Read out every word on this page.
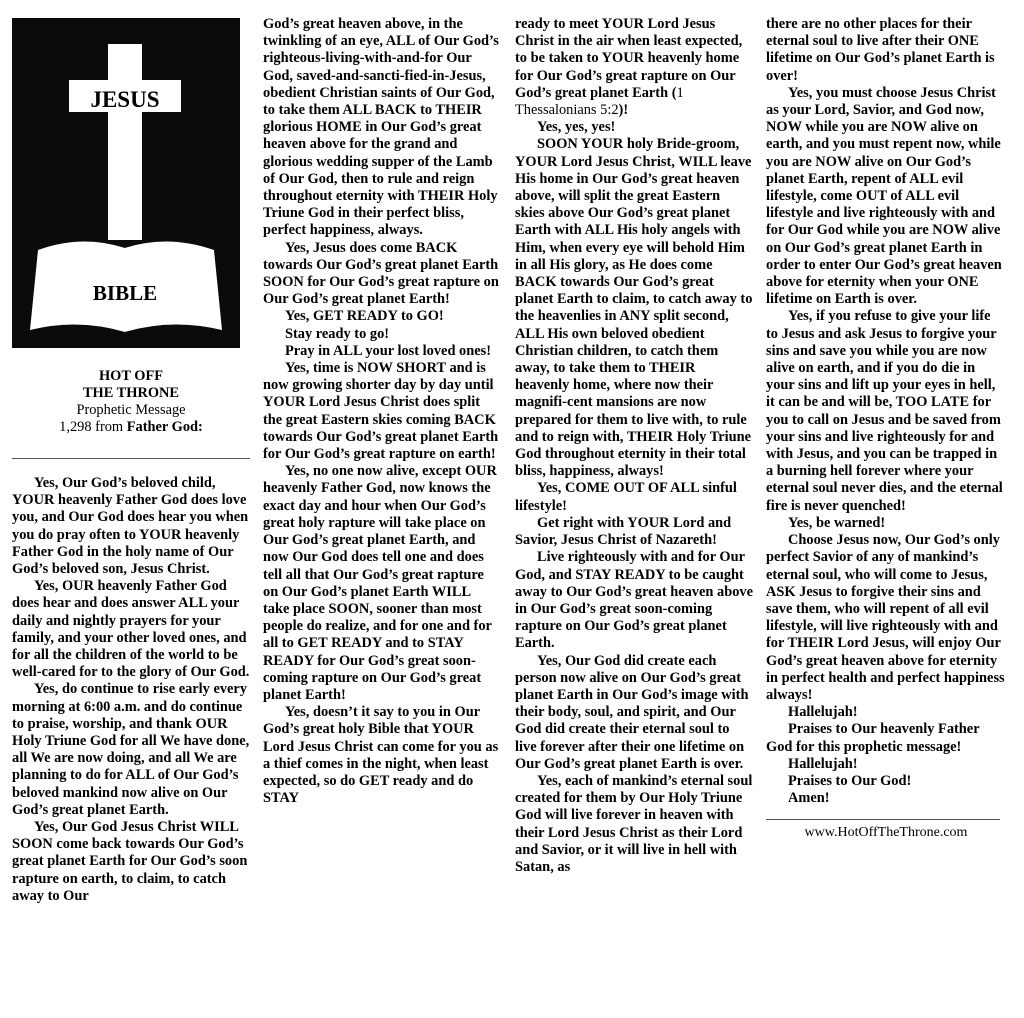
JESUS
BIBLE
HOT OFF
THE THRONE
Prophetic Message
1,298 from Father God:

Yes, Our God’s beloved child, YOUR heavenly Father God does love you, and Our God does hear you when you do pray often to YOUR heavenly Father God in the holy name of Our God’s beloved son, Jesus Christ.

Yes, OUR heavenly Father God does hear and does answer ALL your daily and nightly prayers for your family, and your other loved ones, and for all the children of the world to be well-cared for to the glory of Our God.

Yes, do continue to rise early every morning at 6:00 a.m. and do continue to praise, worship, and thank OUR Holy Triune God for all We have done, all We are now doing, and all We are planning to do for ALL of Our God’s beloved mankind now alive on Our God’s great planet Earth.

Yes, Our God Jesus Christ WILL SOON come back towards Our God’s great planet Earth for Our God’s soon rapture on earth, to claim, to catch away to Our

God’s great heaven above, in the twinkling of an eye, ALL of Our God’s righteous-living-with-and-for Our God, saved-and-sancti-fied-in-Jesus, obedient Christian saints of Our God, to take them ALL BACK to THEIR glorious HOME in Our God’s great heaven above for the grand and glorious wedding supper of the Lamb of Our God, then to rule and reign throughout eternity with THEIR Holy Triune God in their perfect bliss, perfect happiness, always.

Yes, Jesus does come BACK towards Our God’s great planet Earth SOON for Our God’s great rapture on Our God’s great planet Earth!

Yes, GET READY to GO!

Stay ready to go!

Pray in ALL your lost loved ones!

Yes, time is NOW SHORT and is now growing shorter day by day until YOUR Lord Jesus Christ does split the great Eastern skies coming BACK towards Our God’s great planet Earth for Our God’s great rapture on earth!

Yes, no one now alive, except OUR heavenly Father God, now knows the exact day and hour when Our God’s great holy rapture will take place on Our God’s great planet Earth, and now Our God does tell one and does tell all that Our God’s great rapture on Our God’s planet Earth WILL take place SOON, sooner than most people do realize, and for one and for all to GET READY and to STAY READY for Our God’s great soon-coming rapture on Our God’s great planet Earth!

Yes, doesn’t it say to you in Our God’s great holy Bible that YOUR Lord Jesus Christ can come for you as a thief comes in the night, when least expected, so do GET ready and do STAY

ready to meet YOUR Lord Jesus Christ in the air when least expected, to be taken to YOUR heavenly home for Our God’s great rapture on Our God’s great planet Earth (1 Thessalonians 5:2)!

Yes, yes, yes!

SOON YOUR holy Bride-groom, YOUR Lord Jesus Christ, WILL leave His home in Our God’s great heaven above, will split the great Eastern skies above Our God’s great planet Earth with ALL His holy angels with Him, when every eye will behold Him in all His glory, as He does come BACK towards Our God’s great planet Earth to claim, to catch away to the heavenlies in ANY split second, ALL His own beloved obedient Christian children, to catch them away, to take them to THEIR heavenly home, where now their magnifi-cent mansions are now prepared for them to live with, to rule and to reign with, THEIR Holy Triune God throughout eternity in their total bliss, happiness, always!

Yes, COME OUT OF ALL sinful lifestyle!

Get right with YOUR Lord and Savior, Jesus Christ of Nazareth!

Live righteously with and for Our God, and STAY READY to be caught away to Our God’s great heaven above in Our God’s great soon-coming rapture on Our God’s great planet Earth.

Yes, Our God did create each person now alive on Our God’s great planet Earth in Our God’s image with their body, soul, and spirit, and Our God did create their eternal soul to live forever after their one lifetime on Our God’s great planet Earth is over.

Yes, each of mankind’s eternal soul created for them by Our Holy Triune God will live forever in heaven with their Lord Jesus Christ as their Lord and Savior, or it will live in hell with Satan, as

there are no other places for their eternal soul to live after their ONE lifetime on Our God’s planet Earth is over!

Yes, you must choose Jesus Christ as your Lord, Savior, and God now, NOW while you are NOW alive on earth, and you must repent now, while you are NOW alive on Our God’s planet Earth, repent of ALL evil lifestyle, come OUT of ALL evil lifestyle and live righteously with and for Our God while you are NOW alive on Our God’s great planet Earth in order to enter Our God’s great heaven above for eternity when your ONE lifetime on Earth is over.

Yes, if you refuse to give your life to Jesus and ask Jesus to forgive your sins and save you while you are now alive on earth, and if you do die in your sins and lift up your eyes in hell, it can be and will be, TOO LATE for you to call on Jesus and be saved from your sins and live righteously for and with Jesus, and you can be trapped in a burning hell forever where your eternal soul never dies, and the eternal fire is never quenched!

Yes, be warned!

Choose Jesus now, Our God’s only perfect Savior of any of mankind’s eternal soul, who will come to Jesus, ASK Jesus to forgive their sins and save them, who will repent of all evil lifestyle, will live righteously with and for THEIR Lord Jesus, will enjoy Our God’s great heaven above for eternity in perfect health and perfect happiness always!

Hallelujah!

Praises to Our heavenly Father God for this prophetic message!

Hallelujah!

Praises to Our God!

Amen!

www.HotOffTheThrone.com
